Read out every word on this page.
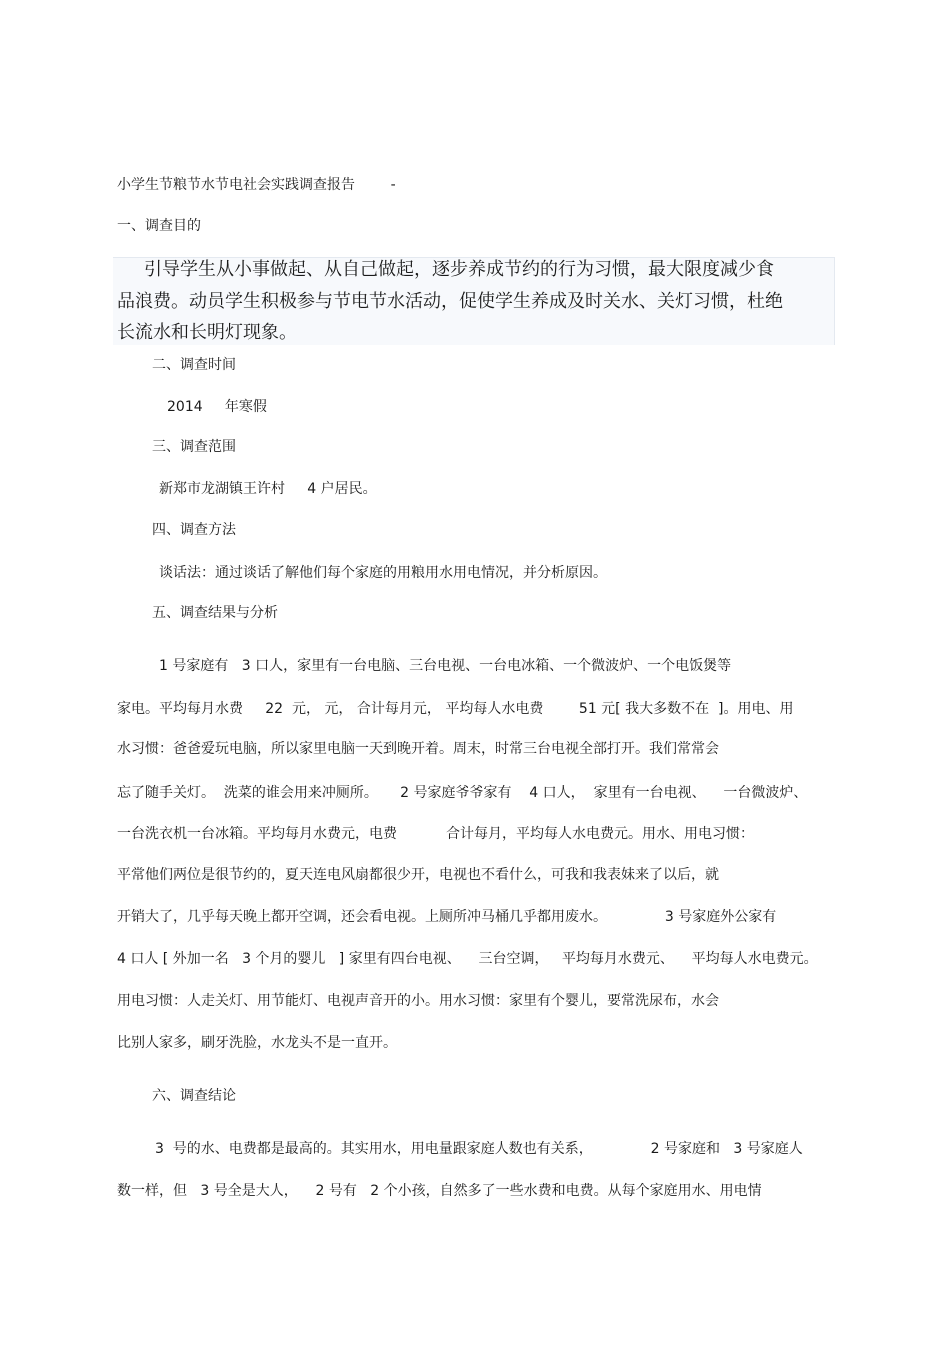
小学生节粮节水节电社会实践调查报告        -

一、调查目的

引导学生从小事做起、从自己做起，逐步养成节约的行为习惯，最大限度减少食

品浪费。动员学生积极参与节电节水活动，促使学生养成及时关水、关灯习惯，杜绝

长流水和长明灯现象。

二、调查时间

2014     年寒假

三、调查范围

新郑市龙湖镇王许村     4 户居民。

四、调查方法

谈话法：通过谈话了解他们每个家庭的用粮用水用电情况，并分析原因。

五、调查结果与分析

1 号家庭有   3 口人，家里有一台电脑、三台电视、一台电冰箱、一个微波炉、一个电饭煲等

家电。平均每月水费     22  元， 元， 合计每月元， 平均每人水电费        51 元[ 我大多数不在  ]。用电、用

水习惯：爸爸爱玩电脑，所以家里电脑一天到晚开着。周末，时常三台电视全部打开。我们常常会

忘了随手关灯。  洗菜的谁会用来冲厕所。     2 号家庭爷爷家有    4 口人，  家里有一台电视、    一台微波炉、

一台洗衣机一台冰箱。平均每月水费元，电费           合计每月，平均每人水电费元。用水、用电习惯：

平常他们两位是很节约的，夏天连电风扇都很少开，电视也不看什么，可我和我表妹来了以后，就

开销大了，几乎每天晚上都开空调，还会看电视。上厕所冲马桶几乎都用废水。             3 号家庭外公家有

4 口人 [ 外加一名   3 个月的婴儿   ] 家里有四台电视、    三台空调，   平均每月水费元、    平均每人水电费元。

用电习惯：人走关灯、用节能灯、电视声音开的小。用水习惯：家里有个婴儿，要常洗尿布，水会

比别人家多，刷牙洗脸，水龙头不是一直开。

六、调查结论

3  号的水、电费都是最高的。其实用水，用电量跟家庭人数也有关系，             2 号家庭和   3 号家庭人

数一样，但   3 号全是大人，    2 号有   2 个小孩，自然多了一些水费和电费。从每个家庭用水、用电情
